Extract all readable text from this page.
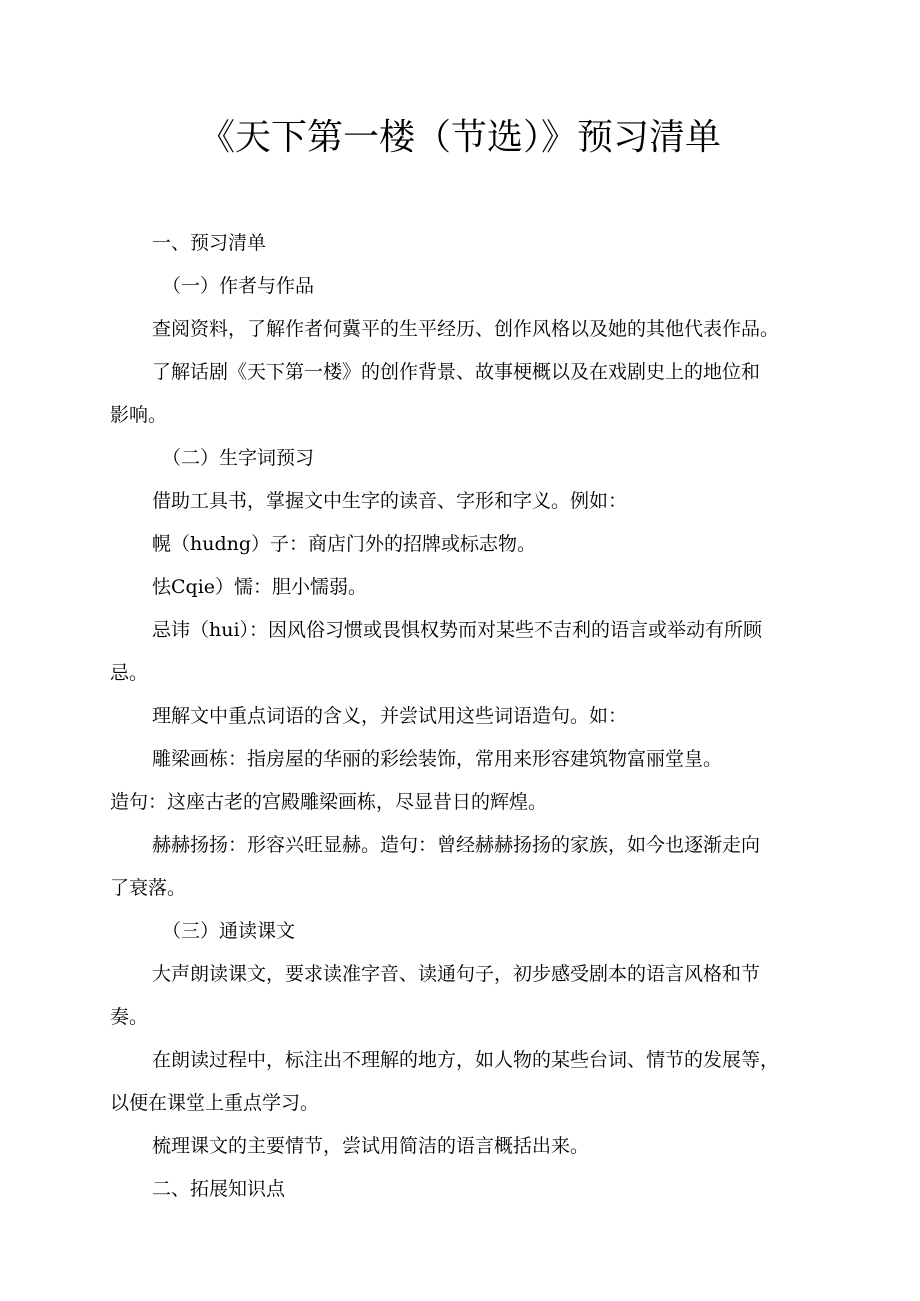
《天下第一楼（节选）》预习清单
一、预习清单
（一）作者与作品
查阅资料，了解作者何冀平的生平经历、创作风格以及她的其他代表作品。
了解话剧《天下第一楼》的创作背景、故事梗概以及在戏剧史上的地位和
影响。
（二）生字词预习
借助工具书，掌握文中生字的读音、字形和字义。例如：
幌（hudng）子：商店门外的招牌或标志物。
怯Cqie）懦：胆小懦弱。
忌讳（hui）：因风俗习惯或畏惧权势而对某些不吉利的语言或举动有所顾
忌。
理解文中重点词语的含义，并尝试用这些词语造句。如：
雕梁画栋：指房屋的华丽的彩绘装饰，常用来形容建筑物富丽堂皇。
造句：这座古老的宫殿雕梁画栋，尽显昔日的辉煌。
赫赫扬扬：形容兴旺显赫。造句：曾经赫赫扬扬的家族，如今也逐渐走向
了衰落。
（三）通读课文
大声朗读课文，要求读准字音、读通句子，初步感受剧本的语言风格和节
奏。
在朗读过程中，标注出不理解的地方，如人物的某些台词、情节的发展等，
以便在课堂上重点学习。
梳理课文的主要情节，尝试用简洁的语言概括出来。
二、拓展知识点
